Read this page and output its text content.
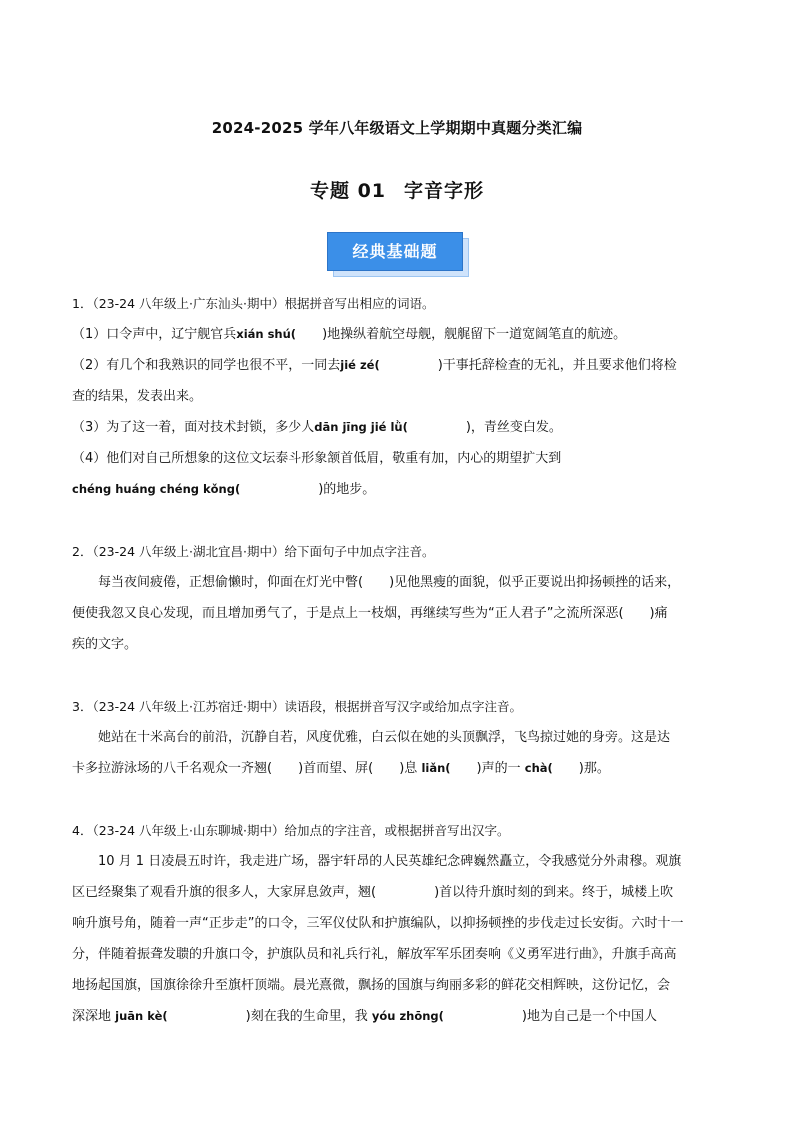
2024-2025 学年八年级语文上学期期中真题分类汇编
专题 01 字音字形
经典基础题
1．（23-24 八年级上·广东汕头·期中）根据拼音写出相应的词语。
（1）口令声中，辽宁舰官兵xián shú( )地操纵着航空母舰，舰艉留下一道宽阔笔直的航迹。
（2）有几个和我熟识的同学也很不平，一同去jié zé(	)干事托辞检查的无礼，并且要求他们将检
查的结果，发表出来。
（3）为了这一着，面对技术封锁，多少人dān jīng jié lǜ(	)，青丝变白发。
（4）他们对自己所想象的这位文坛泰斗形象颔首低眉，敬重有加，内心的期望扩大到
chéng huáng chéng kǒng(	)的地步。
2．（23-24 八年级上·湖北宜昌·期中）给下面句子中加点字注音。
每当夜间疲倦，正想偷懒时，仰面在灯光中瞥( )见他黑瘦的面貌，似乎正要说出抑扬顿挫的话来，
便使我忽又良心发现，而且增加勇气了，于是点上一枝烟，再继续写些为“正人君子”之流所深恶( )痛
疾的文字。
3．（23-24 八年级上·江苏宿迁·期中）读语段，根据拼音写汉字或给加点字注音。
她站在十米高台的前沿，沉静自若，风度优雅，白云似在她的头顶飘浮，飞鸟掠过她的身旁。这是达
卡多拉游泳场的八千名观众一齐翘( )首而望、屏( )息 liǎn( )声的一 chà( )那。
4．（23-24 八年级上·山东聊城·期中）给加点的字注音，或根据拼音写出汉字。
10 月 1 日凌晨五时许，我走进广场，器宇轩昂的人民英雄纪念碑巍然矗立，令我感觉分外肃穆。观旗
区已经聚集了观看升旗的很多人，大家屏息敛声，翘(	)首以待升旗时刻的到来。终于，城楼上吹
响升旗号角，随着一声“正步走”的口令，三军仪仗队和护旗编队，以抑扬顿挫的步伐走过长安街。六时十一
分，伴随着振聋发聩的升旗口令，护旗队员和礼兵行礼，解放军军乐团奏响《义勇军进行曲》，升旗手高高
地扬起国旗，国旗徐徐升至旗杆顶端。晨光熹微，飘扬的国旗与绚丽多彩的鲜花交相辉映，这份记忆，会
深深地 juān kè(	)刻在我的生命里，我 yóu zhōng(	)地为自己是一个中国人
